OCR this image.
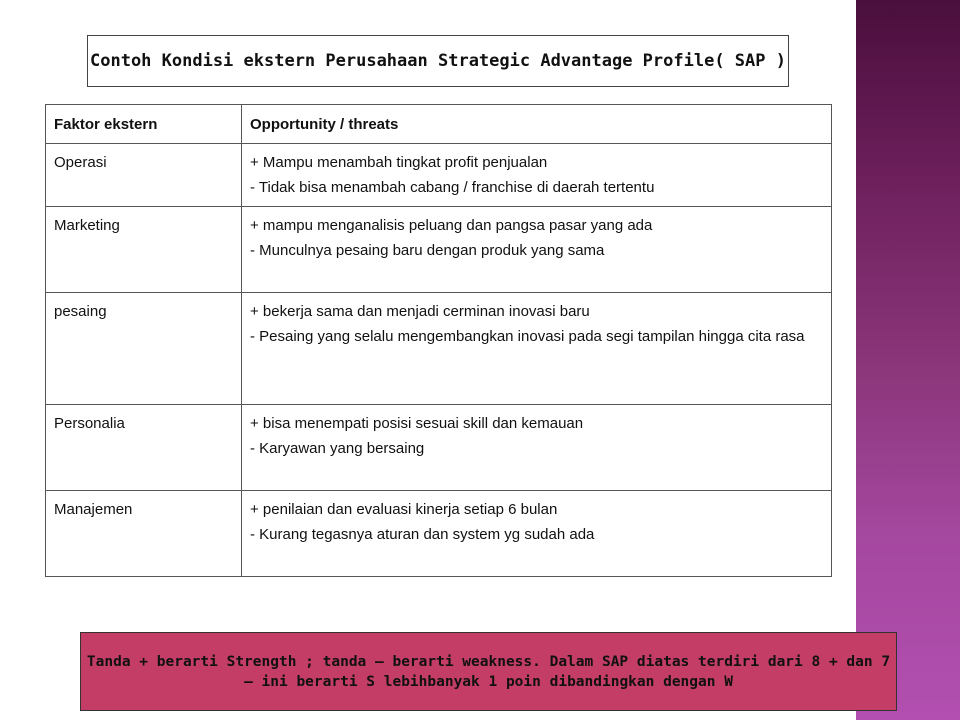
Contoh Kondisi ekstern Perusahaan Strategic Advantage Profile( SAP )
Faktor ekstern	Opportunity / threats
Operasi	+ Mampu menambah tingkat profit penjualan

- Tidak bisa menambah cabang / franchise di daerah tertentu

Marketing	+ mampu menganalisis peluang dan pangsa pasar yang ada

- Munculnya pesaing baru dengan produk yang sama

pesaing	+ bekerja sama dan menjadi cerminan inovasi baru

- Pesaing yang selalu mengembangkan inovasi pada segi tampilan hingga cita rasa

Personalia	+ bisa menempati posisi sesuai skill dan kemauan

- Karyawan yang bersaing

Manajemen	+ penilaian dan evaluasi kinerja setiap 6 bulan

- Kurang tegasnya aturan dan system yg sudah ada

Tanda + berarti Strength ; tanda – berarti weakness. Dalam SAP diatas terdiri dari 8 + dan 7 – ini berarti S lebihbanyak 1 poin dibandingkan dengan W
